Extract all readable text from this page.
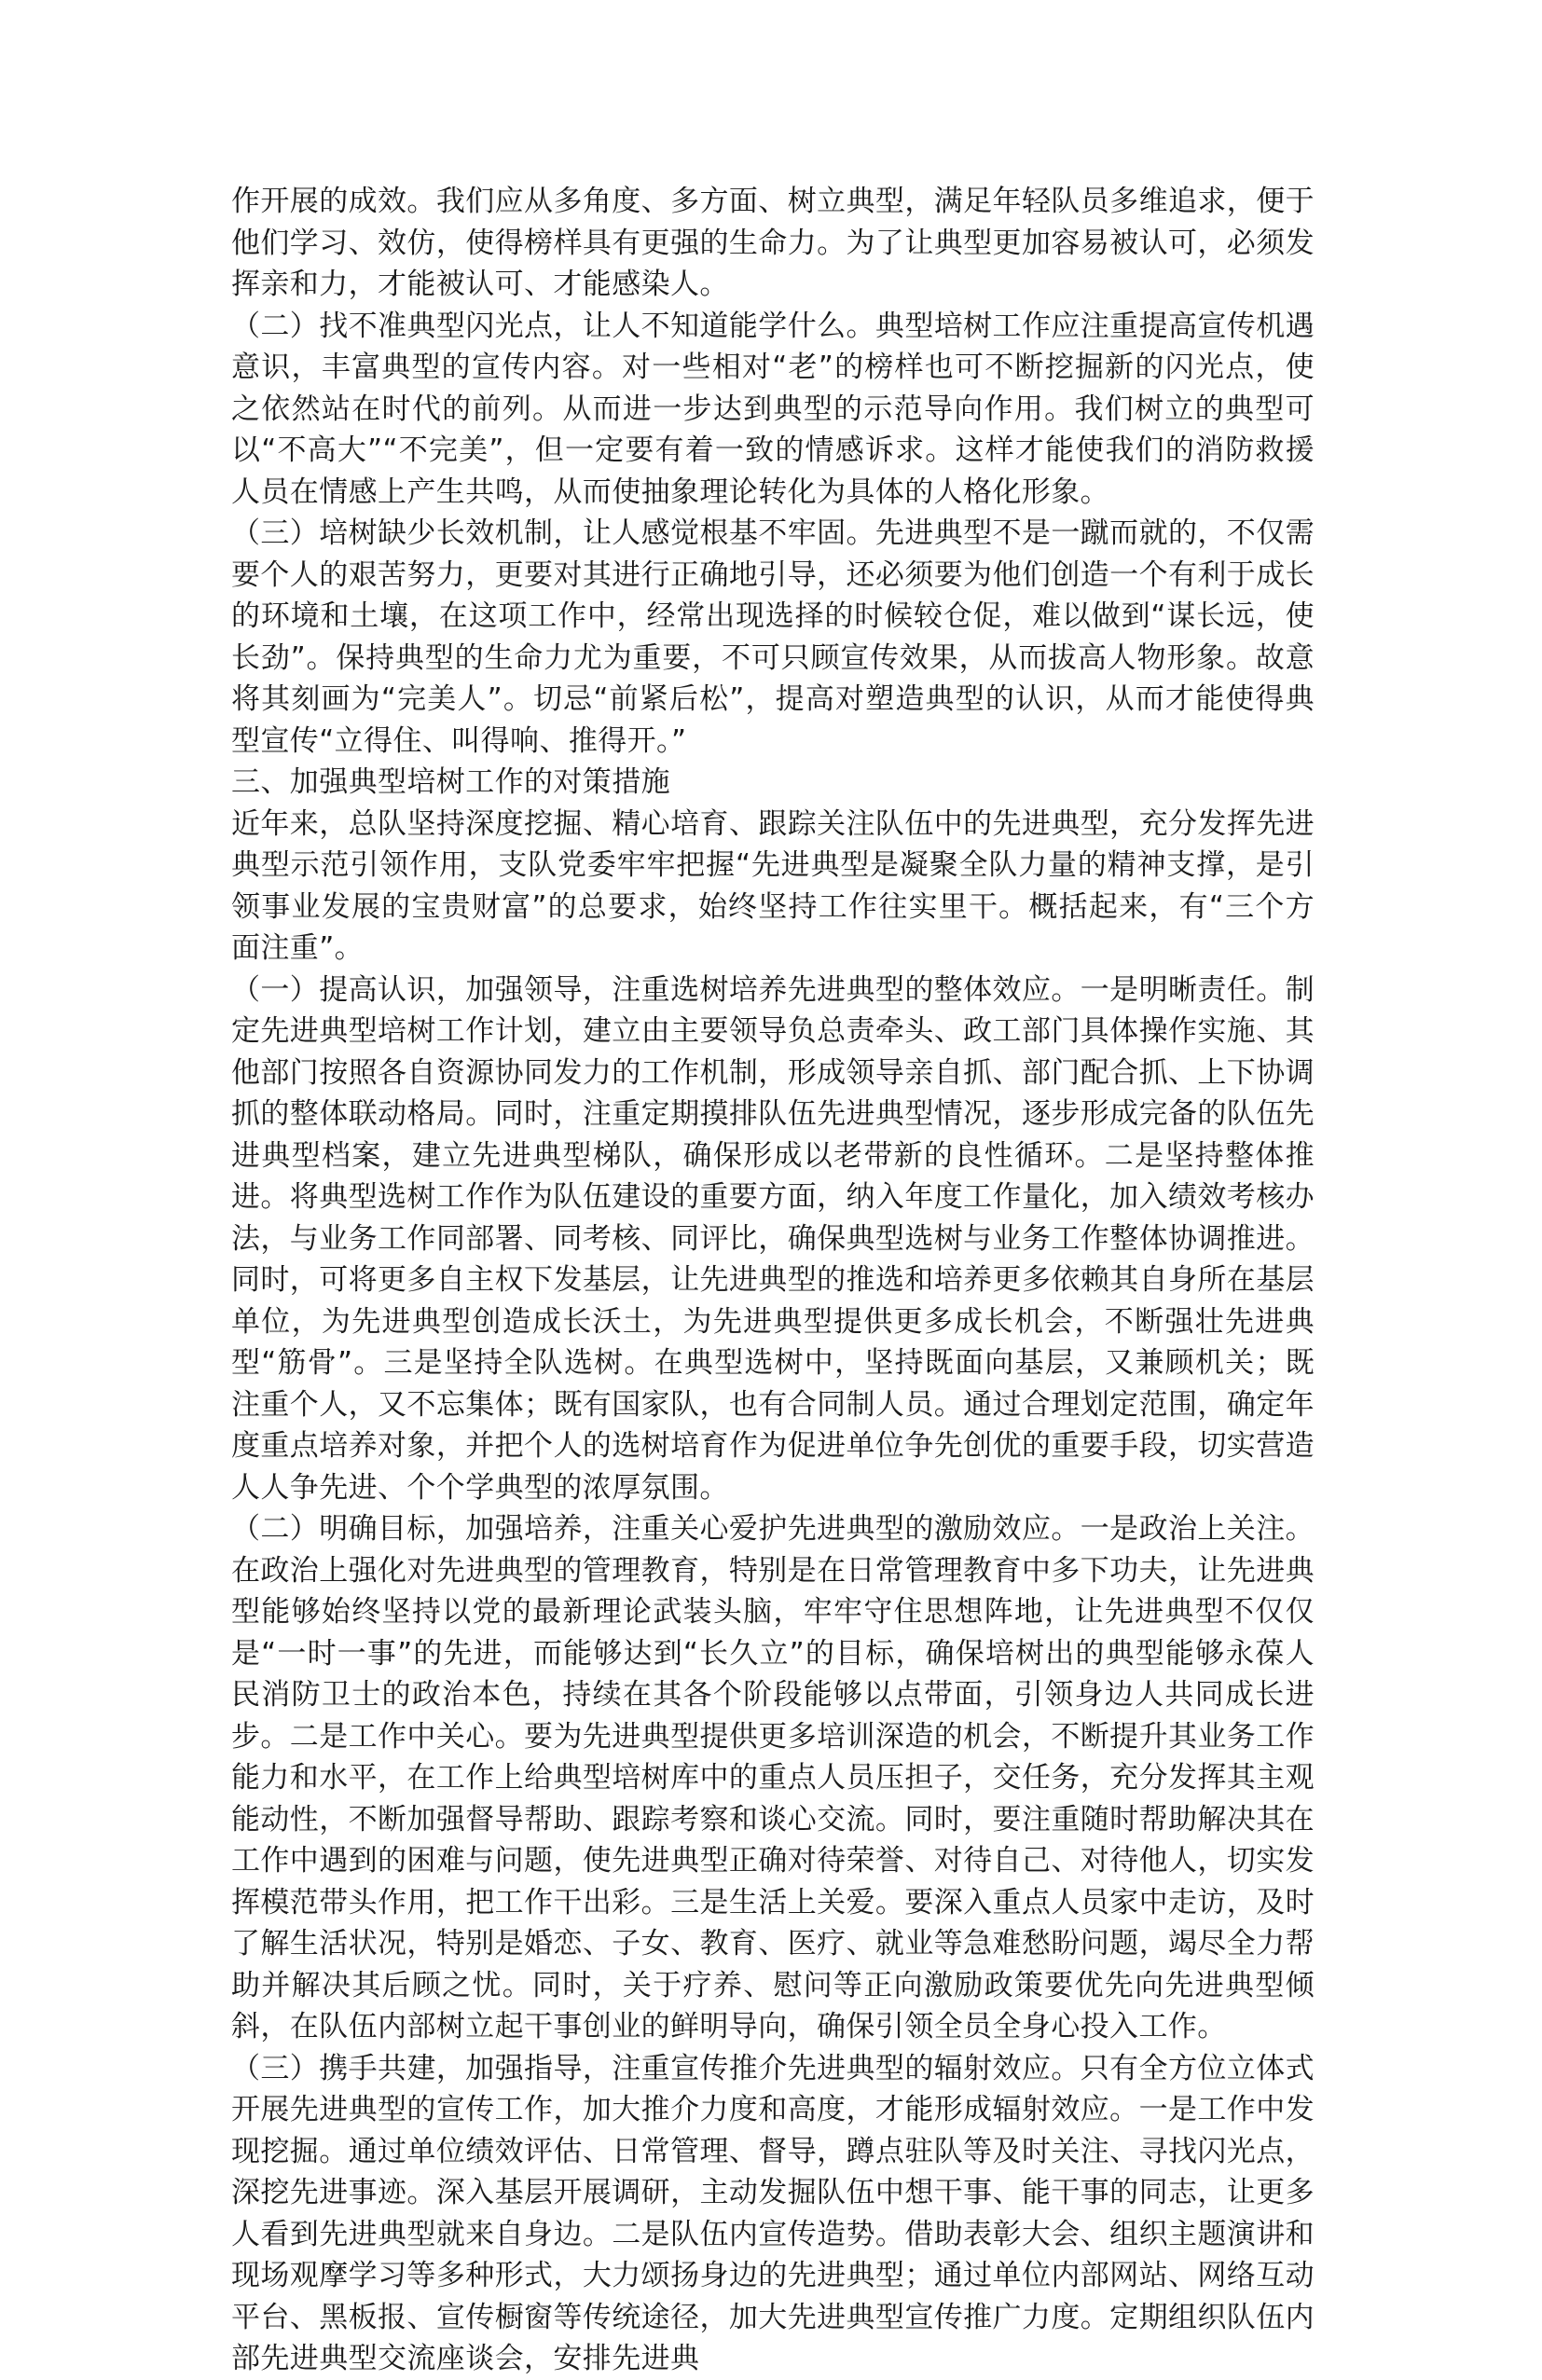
作开展的成效。我们应从多角度、多方面、树立典型，满足年轻队员多维追求，便于他们学习、效仿，使得榜样具有更强的生命力。为了让典型更加容易被认可，必须发挥亲和力，才能被认可、才能感染人。

（二）找不准典型闪光点，让人不知道能学什么。典型培树工作应注重提高宣传机遇意识，丰富典型的宣传内容。对一些相对“老”的榜样也可不断挖掘新的闪光点，使之依然站在时代的前列。从而进一步达到典型的示范导向作用。我们树立的典型可以“不高大”“不完美”，但一定要有着一致的情感诉求。这样才能使我们的消防救援人员在情感上产生共鸣，从而使抽象理论转化为具体的人格化形象。

（三）培树缺少长效机制，让人感觉根基不牢固。先进典型不是一蹴而就的，不仅需要个人的艰苦努力，更要对其进行正确地引导，还必须要为他们创造一个有利于成长的环境和土壤，在这项工作中，经常出现选择的时候较仓促，难以做到“谋长远，使长劲”。保持典型的生命力尤为重要，不可只顾宣传效果，从而拔高人物形象。故意将其刻画为“完美人”。切忌“前紧后松”，提高对塑造典型的认识，从而才能使得典型宣传“立得住、叫得响、推得开。”

三、加强典型培树工作的对策措施

近年来，总队坚持深度挖掘、精心培育、跟踪关注队伍中的先进典型，充分发挥先进典型示范引领作用，支队党委牢牢把握“先进典型是凝聚全队力量的精神支撑，是引领事业发展的宝贵财富”的总要求，始终坚持工作往实里干。概括起来，有“三个方面注重”。

（一）提高认识，加强领导，注重选树培养先进典型的整体效应。一是明晰责任。制定先进典型培树工作计划，建立由主要领导负总责牵头、政工部门具体操作实施、其他部门按照各自资源协同发力的工作机制，形成领导亲自抓、部门配合抓、上下协调抓的整体联动格局。同时，注重定期摸排队伍先进典型情况，逐步形成完备的队伍先进典型档案，建立先进典型梯队，确保形成以老带新的良性循环。二是坚持整体推进。将典型选树工作作为队伍建设的重要方面，纳入年度工作量化，加入绩效考核办法，与业务工作同部署、同考核、同评比，确保典型选树与业务工作整体协调推进。同时，可将更多自主权下发基层，让先进典型的推选和培养更多依赖其自身所在基层单位，为先进典型创造成长沃土，为先进典型提供更多成长机会，不断强壮先进典型“筋骨”。三是坚持全队选树。在典型选树中，坚持既面向基层，又兼顾机关；既注重个人，又不忘集体；既有国家队，也有合同制人员。通过合理划定范围，确定年度重点培养对象，并把个人的选树培育作为促进单位争先创优的重要手段，切实营造人人争先进、个个学典型的浓厚氛围。

（二）明确目标，加强培养，注重关心爱护先进典型的激励效应。一是政治上关注。在政治上强化对先进典型的管理教育，特别是在日常管理教育中多下功夫，让先进典型能够始终坚持以党的最新理论武装头脑，牢牢守住思想阵地，让先进典型不仅仅是“一时一事”的先进，而能够达到“长久立”的目标，确保培树出的典型能够永葆人民消防卫士的政治本色，持续在其各个阶段能够以点带面，引领身边人共同成长进步。二是工作中关心。要为先进典型提供更多培训深造的机会，不断提升其业务工作能力和水平，在工作上给典型培树库中的重点人员压担子，交任务，充分发挥其主观能动性，不断加强督导帮助、跟踪考察和谈心交流。同时，要注重随时帮助解决其在工作中遇到的困难与问题，使先进典型正确对待荣誉、对待自己、对待他人，切实发挥模范带头作用，把工作干出彩。三是生活上关爱。要深入重点人员家中走访，及时了解生活状况，特别是婚恋、子女、教育、医疗、就业等急难愁盼问题，竭尽全力帮助并解决其后顾之忧。同时，关于疗养、慰问等正向激励政策要优先向先进典型倾斜，在队伍内部树立起干事创业的鲜明导向，确保引领全员全身心投入工作。

（三）携手共建，加强指导，注重宣传推介先进典型的辐射效应。只有全方位立体式开展先进典型的宣传工作，加大推介力度和高度，才能形成辐射效应。一是工作中发现挖掘。通过单位绩效评估、日常管理、督导，蹲点驻队等及时关注、寻找闪光点，深挖先进事迹。深入基层开展调研，主动发掘队伍中想干事、能干事的同志，让更多人看到先进典型就来自身边。二是队伍内宣传造势。借助表彰大会、组织主题演讲和现场观摩学习等多种形式，大力颂扬身边的先进典型；通过单位内部网站、网络互动平台、黑板报、宣传橱窗等传统途径，加大先进典型宣传推广力度。定期组织队伍内部先进典型交流座谈会，安排先进典
